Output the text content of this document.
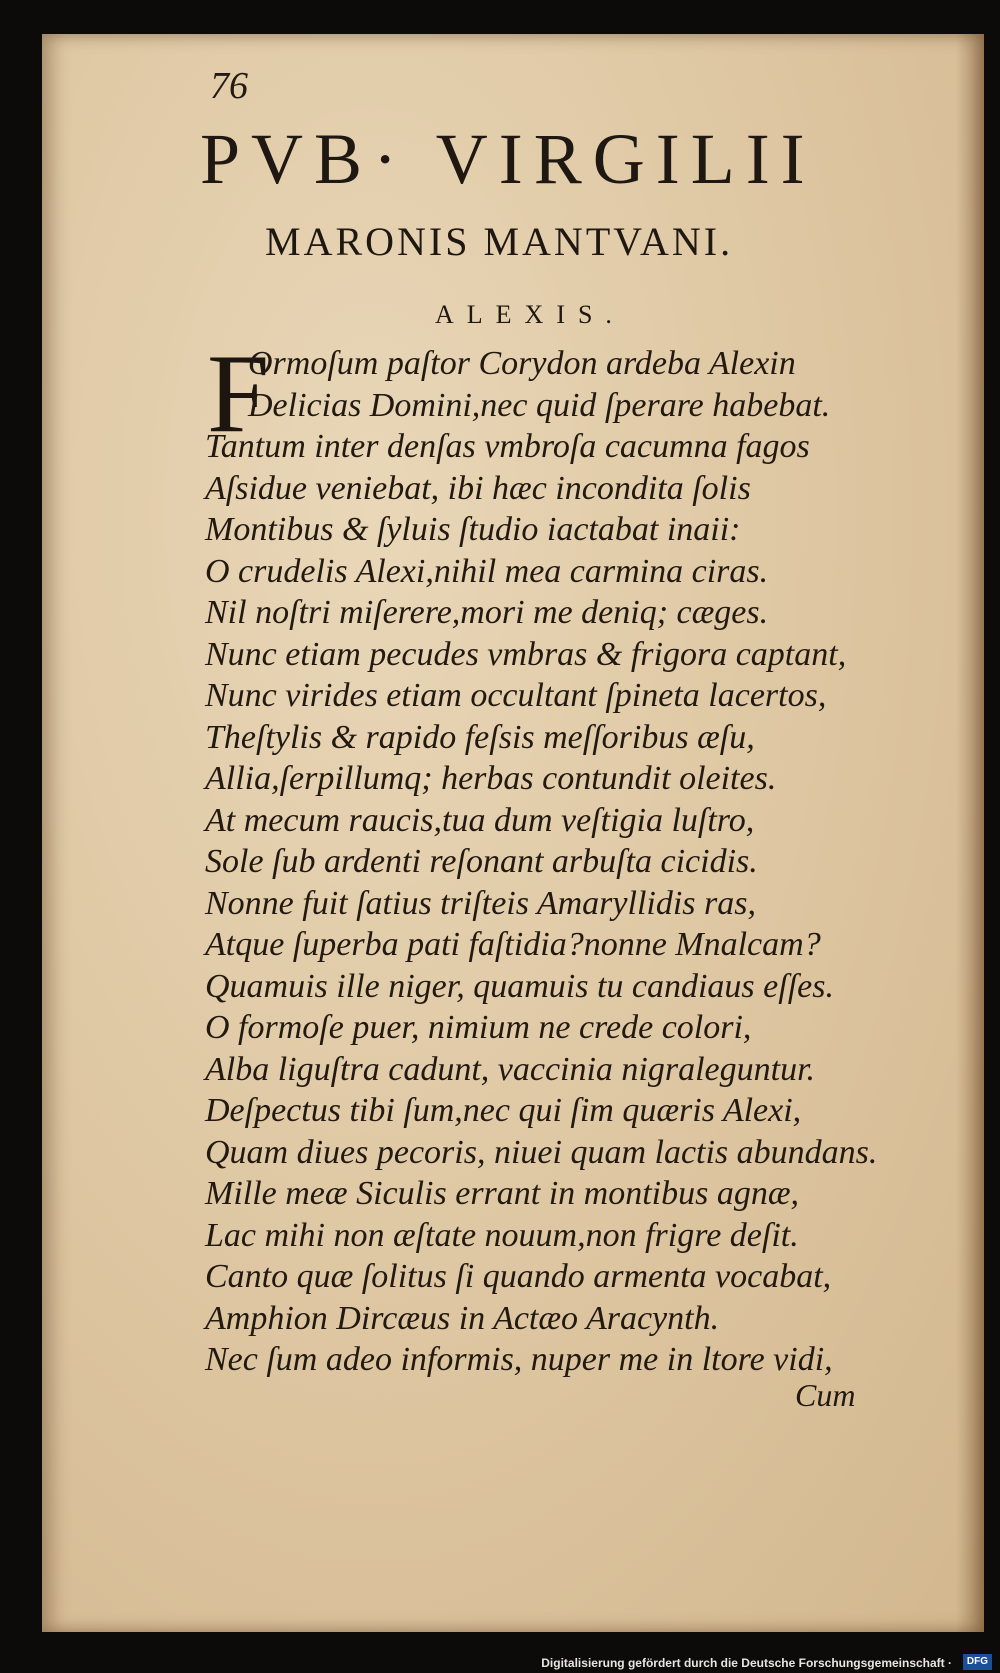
76
PVB· VIRGILII
MARONIS MANTVANI.
ALEXIS.
F
Ormoſum paſtor Corydon ardeba Alexin
Delicias Domini,nec quid ſperare habebat.
Tantum inter denſas vmbroſa cacumna fagos
Aſsidue veniebat, ibi hæc incondita ſolis
Montibus & ſyluis ſtudio iactabat inaii:
O crudelis Alexi,nihil mea carmina ciras.
Nil noſtri miſerere,mori me deniq; cæges.
Nunc etiam pecudes vmbras & frigora captant,
Nunc virides etiam occultant ſpineta lacertos,
Theſtylis & rapido feſsis meſſoribus æſu,
Allia,ſerpillumq; herbas contundit oleites.
At mecum raucis,tua dum veſtigia luſtro,
Sole ſub ardenti reſonant arbuſta cicidis.
Nonne fuit ſatius triſteis Amaryllidis ras,
Atque ſuperba pati faſtidia?nonne Mnalcam?
Quamuis ille niger, quamuis tu candiaus eſſes.
O formoſe puer, nimium ne crede colori,
Alba liguſtra cadunt, vaccinia nigraleguntur.
Deſpectus tibi ſum,nec qui ſim quæris Alexi,
Quam diues pecoris, niuei quam lactis abundans.
Mille meæ Siculis errant in montibus agnæ,
Lac mihi non æſtate nouum,non frigre deſit.
Canto quæ ſolitus ſi quando armenta vocabat,
Amphion Dircæus in Actæo Aracynth.
Nec ſum adeo informis, nuper me in ltore vidi,
Cum
Digitalisierung gefördert durch die Deutsche Forschungsgemeinschaft ·	DFG
